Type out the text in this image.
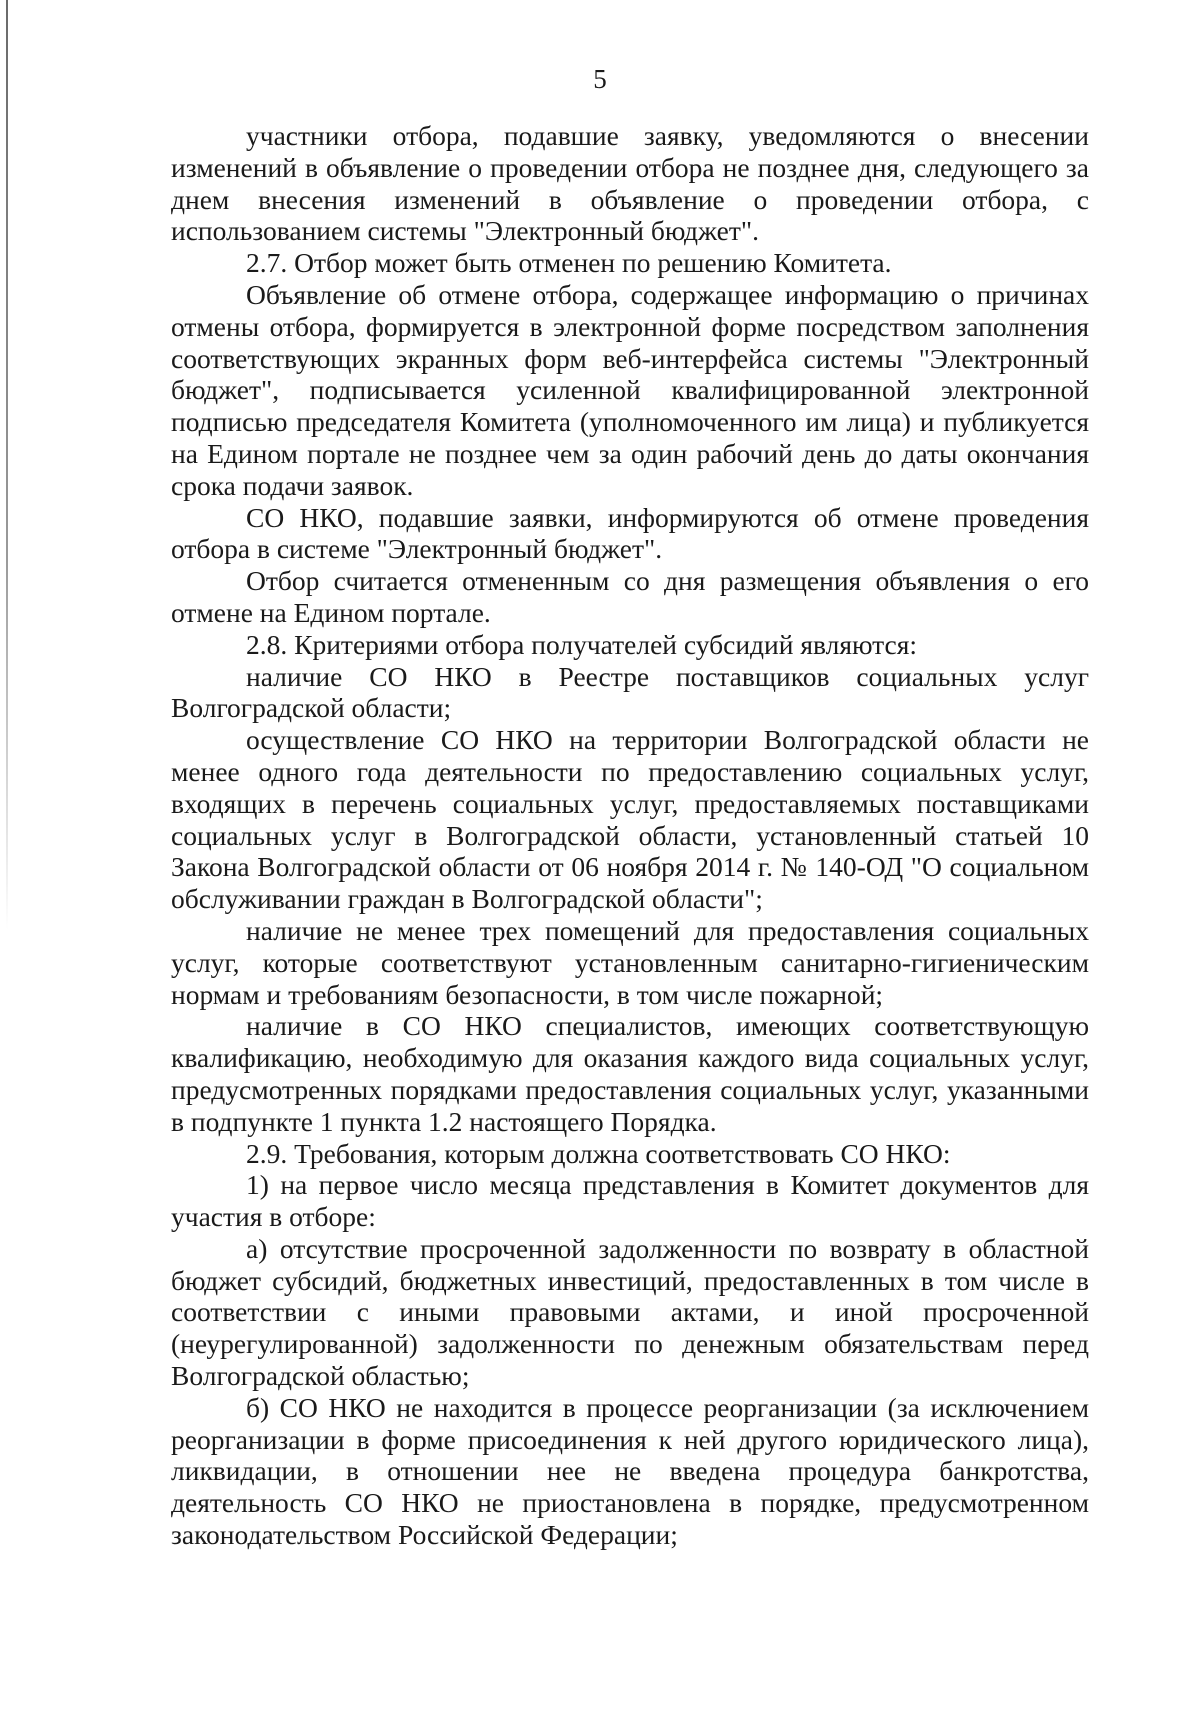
5

участники отбора, подавшие заявку, уведомляются о внесении изменений в объявление о проведении отбора не позднее дня, следующего за днем внесения изменений в объявление о проведении отбора, с использованием системы "Электронный бюджет".

2.7. Отбор может быть отменен по решению Комитета.

Объявление об отмене отбора, содержащее информацию о причинах отмены отбора, формируется в электронной форме посредством заполнения соответствующих экранных форм веб-интерфейса системы "Электронный бюджет", подписывается усиленной квалифицированной электронной подписью председателя Комитета (уполномоченного им лица) и публикуется на Едином портале не позднее чем за один рабочий день до даты окончания срока подачи заявок.

СО НКО, подавшие заявки, информируются об отмене проведения отбора в системе "Электронный бюджет".

Отбор считается отмененным со дня размещения объявления о его отмене на Едином портале.

2.8. Критериями отбора получателей субсидий являются:

наличие СО НКО в Реестре поставщиков социальных услуг Волгоградской области;

осуществление СО НКО на территории Волгоградской области не менее одного года деятельности по предоставлению социальных услуг, входящих в перечень социальных услуг, предоставляемых поставщиками социальных услуг в Волгоградской области, установленный статьей 10 Закона Волгоградской области от 06 ноября 2014 г. № 140-ОД "О социальном обслуживании граждан в Волгоградской области";

наличие не менее трех помещений для предоставления социальных услуг, которые соответствуют установленным санитарно-гигиеническим нормам и требованиям безопасности, в том числе пожарной;

наличие в СО НКО специалистов, имеющих соответствующую квалификацию, необходимую для оказания каждого вида социальных услуг, предусмотренных порядками предоставления социальных услуг, указанными в подпункте 1 пункта 1.2 настоящего Порядка.

2.9. Требования, которым должна соответствовать СО НКО:

1) на первое число месяца представления в Комитет документов для участия в отборе:

а) отсутствие просроченной задолженности по возврату в областной бюджет субсидий, бюджетных инвестиций, предоставленных в том числе в соответствии с иными правовыми актами, и иной просроченной (неурегулированной) задолженности по денежным обязательствам перед Волгоградской областью;

б) СО НКО не находится в процессе реорганизации (за исключением реорганизации в форме присоединения к ней другого юридического лица), ликвидации, в отношении нее не введена процедура банкротства, деятельность СО НКО не приостановлена в порядке, предусмотренном законодательством Российской Федерации;
